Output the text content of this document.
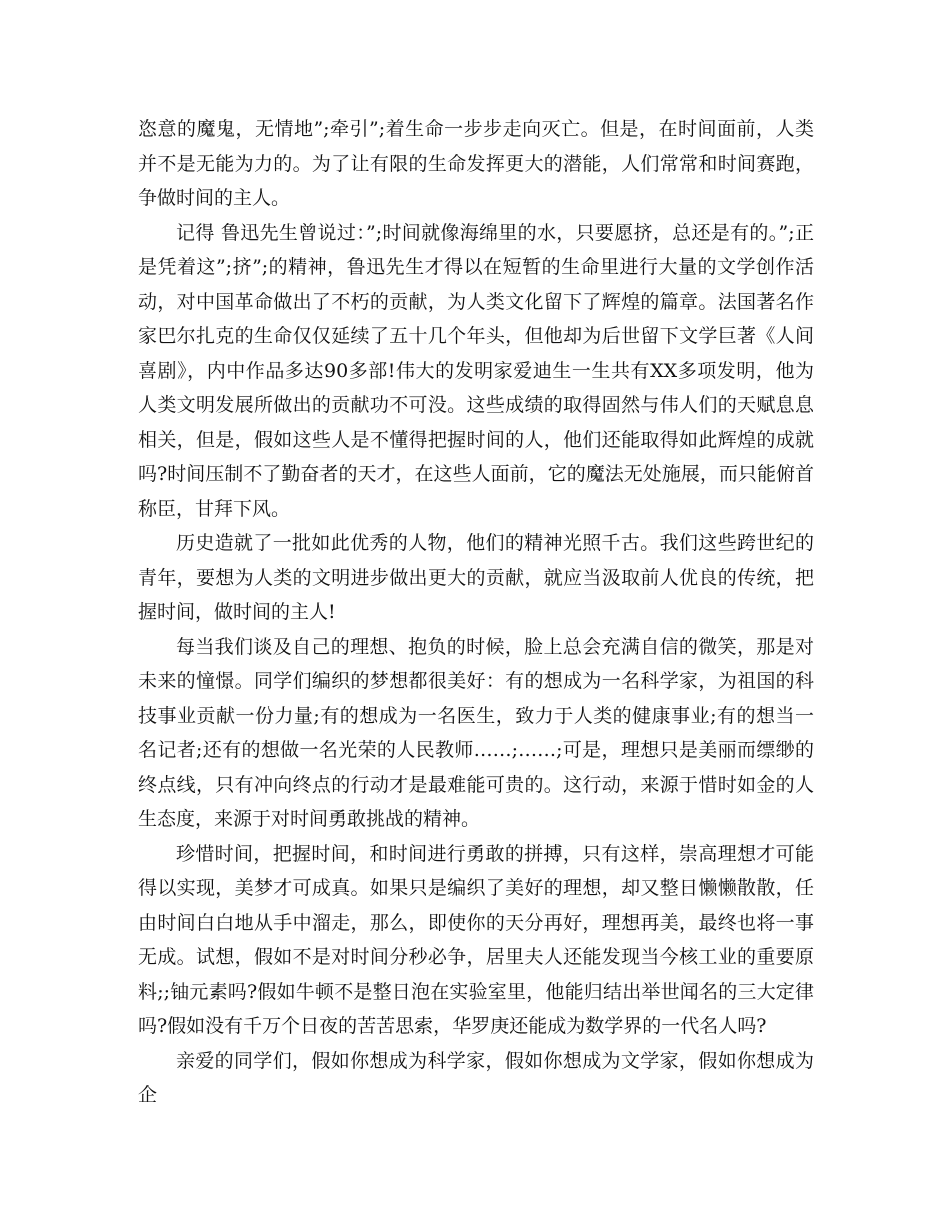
恣意的魔鬼，无情地”;牵引”;着生命一步步走向灭亡。但是，在时间面前，人类并不是无能为力的。为了让有限的生命发挥更大的潜能，人们常常和时间赛跑，争做时间的主人。

记得 鲁迅先生曾说过：”;时间就像海绵里的水，只要愿挤，总还是有的。”;正是凭着这”;挤”;的精神，鲁迅先生才得以在短暂的生命里进行大量的文学创作活动，对中国革命做出了不朽的贡献，为人类文化留下了辉煌的篇章。法国著名作家巴尔扎克的生命仅仅延续了五十几个年头，但他却为后世留下文学巨著《人间喜剧》，内中作品多达90多部!伟大的发明家爱迪生一生共有XX多项发明，他为人类文明发展所做出的贡献功不可没。这些成绩的取得固然与伟人们的天赋息息相关，但是，假如这些人是不懂得把握时间的人，他们还能取得如此辉煌的成就吗?时间压制不了勤奋者的天才，在这些人面前，它的魔法无处施展，而只能俯首称臣，甘拜下风。

历史造就了一批如此优秀的人物，他们的精神光照千古。我们这些跨世纪的青年，要想为人类的文明进步做出更大的贡献，就应当汲取前人优良的传统，把握时间，做时间的主人!

每当我们谈及自己的理想、抱负的时候，脸上总会充满自信的微笑，那是对未来的憧憬。同学们编织的梦想都很美好：有的想成为一名科学家，为祖国的科技事业贡献一份力量;有的想成为一名医生，致力于人类的健康事业;有的想当一名记者;还有的想做一名光荣的人民教师……;……;可是，理想只是美丽而缥缈的终点线，只有冲向终点的行动才是最难能可贵的。这行动，来源于惜时如金的人生态度，来源于对时间勇敢挑战的精神。

珍惜时间，把握时间，和时间进行勇敢的拼搏，只有这样，崇高理想才可能得以实现，美梦才可成真。如果只是编织了美好的理想，却又整日懒懒散散，任由时间白白地从手中溜走，那么，即使你的天分再好，理想再美，最终也将一事无成。试想，假如不是对时间分秒必争，居里夫人还能发现当今核工业的重要原料;;铀元素吗?假如牛顿不是整日泡在实验室里，他能归结出举世闻名的三大定律吗?假如没有千万个日夜的苦苦思索，华罗庚还能成为数学界的一代名人吗?

亲爱的同学们，假如你想成为科学家，假如你想成为文学家，假如你想成为企
